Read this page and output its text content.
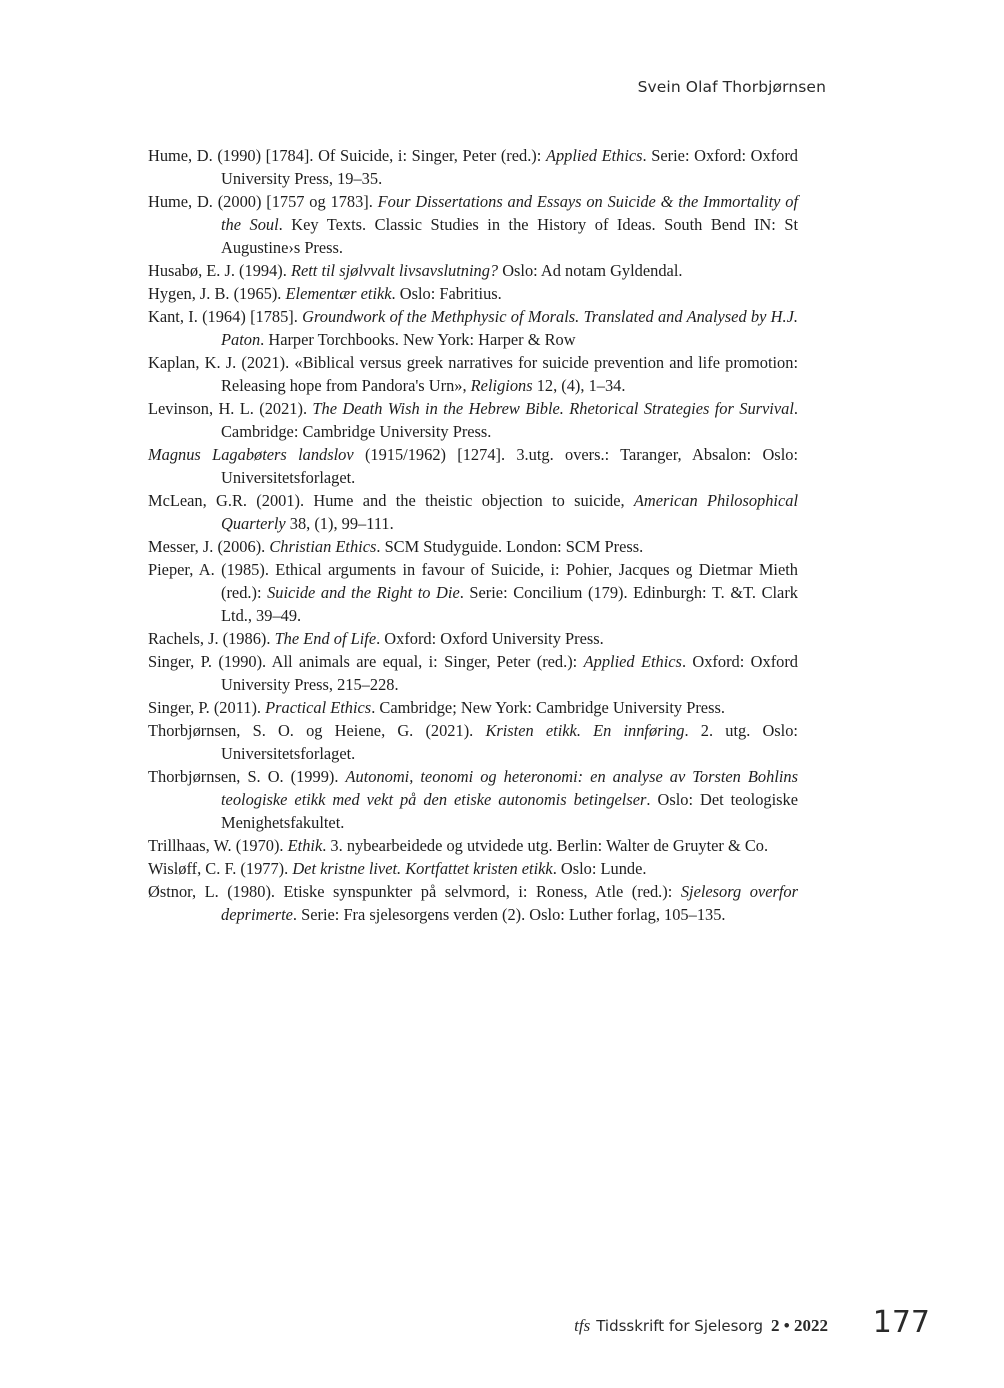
Svein Olaf Thorbjørnsen
Hume, D. (1990) [1784]. Of Suicide, i: Singer, Peter (red.): Applied Ethics. Serie: Oxford: Oxford University Press, 19–35.
Hume, D. (2000) [1757 og 1783]. Four Dissertations and Essays on Suicide & the Immortality of the Soul. Key Texts. Classic Studies in the History of Ideas. South Bend IN: St Augustine›s Press.
Husabø, E. J. (1994). Rett til sjølvvalt livsavslutning? Oslo: Ad notam Gyldendal.
Hygen, J. B. (1965). Elementær etikk. Oslo: Fabritius.
Kant, I. (1964) [1785]. Groundwork of the Methphysic of Morals. Translated and Analysed by H.J. Paton. Harper Torchbooks. New York: Harper & Row
Kaplan, K. J. (2021). «Biblical versus greek narratives for suicide prevention and life promotion: Releasing hope from Pandora's Urn», Religions 12, (4), 1–34.
Levinson, H. L. (2021). The Death Wish in the Hebrew Bible. Rhetorical Strategies for Survival. Cambridge: Cambridge University Press.
Magnus Lagabøters landslov (1915/1962) [1274]. 3.utg. overs.: Taranger, Absalon: Oslo: Universitetsforlaget.
McLean, G.R. (2001). Hume and the theistic objection to suicide, American Philosophical Quarterly 38, (1), 99–111.
Messer, J. (2006). Christian Ethics. SCM Studyguide. London: SCM Press.
Pieper, A. (1985). Ethical arguments in favour of Suicide, i: Pohier, Jacques og Dietmar Mieth (red.): Suicide and the Right to Die. Serie: Concilium (179). Edinburgh: T. &T. Clark Ltd., 39–49.
Rachels, J. (1986). The End of Life. Oxford: Oxford University Press.
Singer, P. (1990). All animals are equal, i: Singer, Peter (red.): Applied Ethics. Oxford: Oxford University Press, 215–228.
Singer, P. (2011). Practical Ethics. Cambridge; New York: Cambridge University Press.
Thorbjørnsen, S. O. og Heiene, G. (2021). Kristen etikk. En innføring. 2. utg. Oslo: Universitetsforlaget.
Thorbjørnsen, S. O. (1999). Autonomi, teonomi og heteronomi: en analyse av Torsten Bohlins teologiske etikk med vekt på den etiske autonomis betingelser. Oslo: Det teologiske Menighetsfakultet.
Trillhaas, W. (1970). Ethik. 3. nybearbeidede og utvidede utg. Berlin: Walter de Gruyter & Co.
Wisløff, C. F. (1977). Det kristne livet. Kortfattet kristen etikk. Oslo: Lunde.
Østnor, L. (1980). Etiske synspunkter på selvmord, i: Roness, Atle (red.): Sjelesorg overfor deprimerte. Serie: Fra sjelesorgens verden (2). Oslo: Luther forlag, 105–135.
tfs Tidsskrift for Sjelesorg 2 • 2022 177
